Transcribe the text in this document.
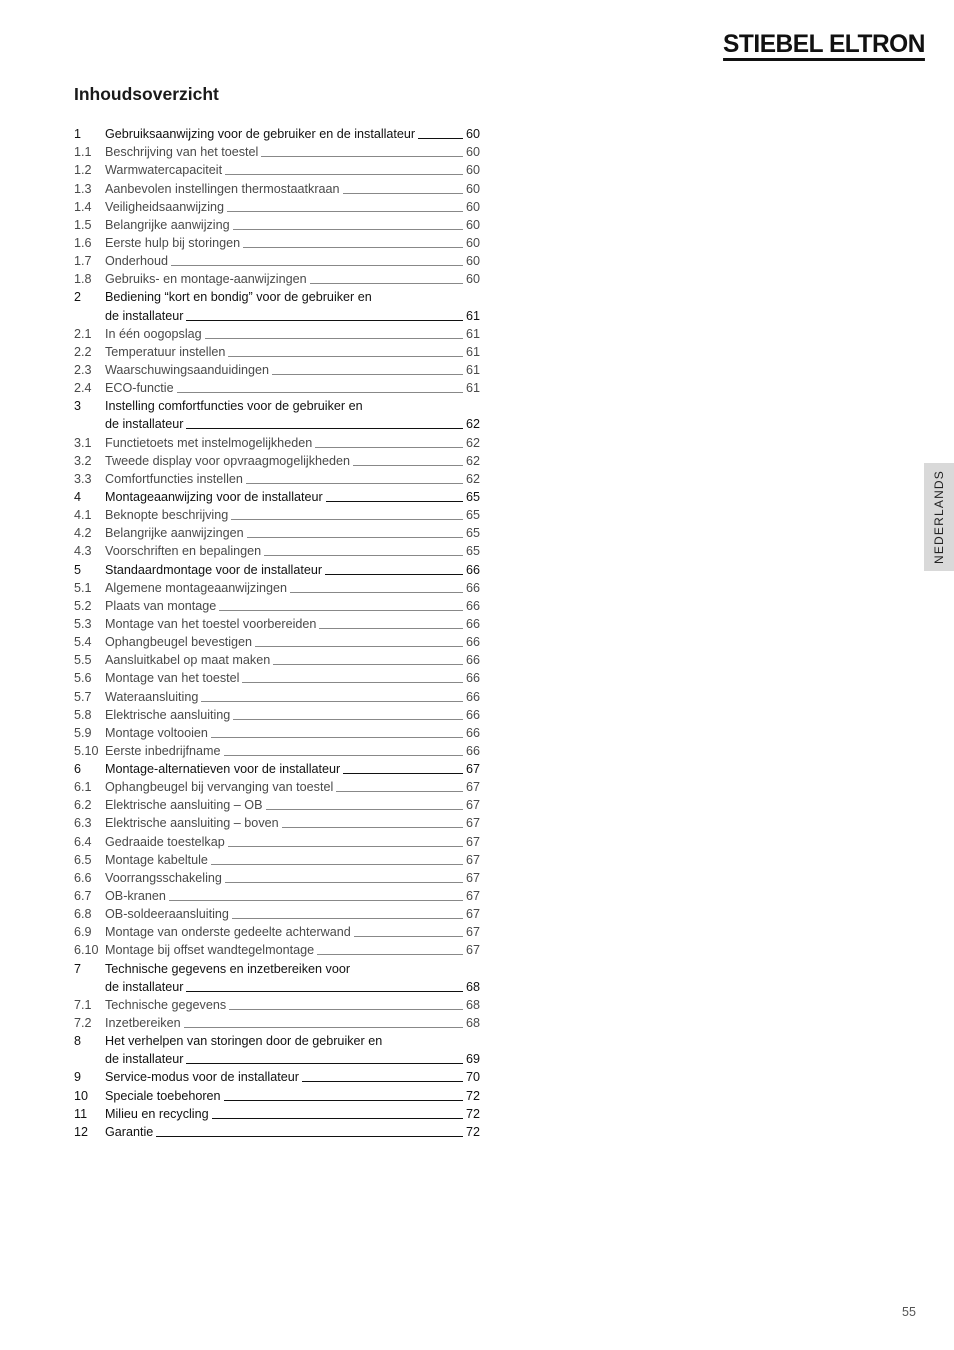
STIEBEL ELTRON
Inhoudsoverzicht
1	Gebruiksaanwijzing voor de gebruiker en de installateur	60
1.1	Beschrijving van het toestel	60
1.2	Warmwatercapaciteit	60
1.3	Aanbevolen instellingen thermostaatkraan	60
1.4	Veiligheidsaanwijzing	60
1.5	Belangrijke aanwijzing	60
1.6	Eerste hulp bij storingen	60
1.7	Onderhoud	60
1.8	Gebruiks- en montage-aanwijzingen	60
2	Bediening “kort en bondig” voor de gebruiker en
de installateur	61
2.1	In één oogopslag	61
2.2	Temperatuur instellen	61
2.3	Waarschuwingsaanduidingen	61
2.4	ECO-functie	61
3	Instelling comfortfuncties voor de gebruiker en
de installateur	62
3.1	Functietoets met instelmogelijkheden	62
3.2	Tweede display voor opvraagmogelijkheden	62
3.3	Comfortfuncties instellen	62
4	Montageaanwijzing voor de installateur	65
4.1	Beknopte beschrijving	65
4.2	Belangrijke aanwijzingen	65
4.3	Voorschriften en bepalingen	65
5	Standaardmontage voor de installateur	66
5.1	Algemene montageaanwijzingen	66
5.2	Plaats van montage	66
5.3	Montage van het toestel voorbereiden	66
5.4	Ophangbeugel bevestigen	66
5.5	Aansluitkabel op maat maken	66
5.6	Montage van het toestel	66
5.7	Wateraansluiting	66
5.8	Elektrische aansluiting	66
5.9	Montage voltooien	66
5.10 Eerste inbedrijfname	66
6	Montage-alternatieven voor de installateur	67
6.1	Ophangbeugel bij vervanging van toestel	67
6.2	Elektrische aansluiting – OB	67
6.3	Elektrische aansluiting – boven	67
6.4	Gedraaide toestelkap	67
6.5	Montage kabeltule	67
6.6	Voorrangsschakeling	67
6.7	OB-kranen	67
6.8	OB-soldeeraansluiting	67
6.9	Montage van onderste gedeelte achterwand	67
6.10 Montage bij offset wandtegelmontage	67
7	Technische gegevens en inzetbereiken voor
de installateur	68
7.1	Technische gegevens	68
7.2	Inzetbereiken	68
8	Het verhelpen van storingen door de gebruiker en
de installateur	69
9	Service-modus voor de installateur	70
10	Speciale toebehoren	72
11	Milieu en recycling	72
12	Garantie	72
NEDERLANDS
55
